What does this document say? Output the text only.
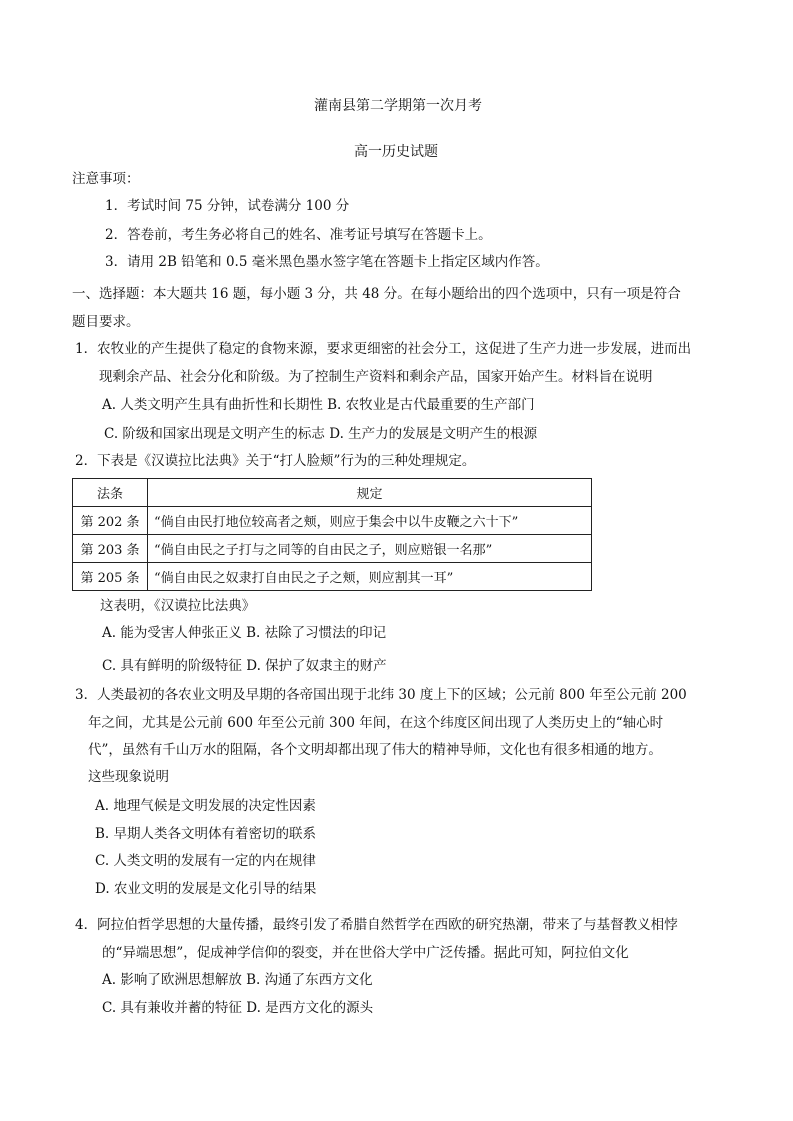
灌南县第二学期第一次月考
高一历史试题
注意事项：
1．考试时间 75 分钟，试卷满分 100 分
2．答卷前，考生务必将自己的姓名、准考证号填写在答题卡上。
3．请用 2B 铅笔和 0.5 毫米黑色墨水签字笔在答题卡上指定区域内作答。
一、选择题：本大题共 16 题，每小题 3 分，共 48 分。在每小题给出的四个选项中，只有一项是符合
题目要求。
1．农牧业的产生提供了稳定的食物来源，要求更细密的社会分工，这促进了生产力进一步发展，进而出
现剩余产品、社会分化和阶级。为了控制生产资料和剩余产品，国家开始产生。材料旨在说明
A. 人类文明产生具有曲折性和长期性 B. 农牧业是古代最重要的生产部门
C. 阶级和国家出现是文明产生的标志 D. 生产力的发展是文明产生的根源
2．下表是《汉谟拉比法典》关于“打人脸颊”行为的三种处理规定。
法条	规定
第 202 条	“倘自由民打地位较高者之颊，则应于集会中以牛皮鞭之六十下”
第 203 条	“倘自由民之子打与之同等的自由民之子，则应赔银一名那”
第 205 条	“倘自由民之奴隶打自由民之子之颊，则应割其一耳”
这表明，《汉谟拉比法典》
A. 能为受害人伸张正义 B. 祛除了习惯法的印记
C. 具有鲜明的阶级特征 D. 保护了奴隶主的财产
3．人类最初的各农业文明及早期的各帝国出现于北纬 30 度上下的区域；公元前 800 年至公元前 200
年之间，尤其是公元前 600 年至公元前 300 年间，在这个纬度区间出现了人类历史上的“轴心时
代”，虽然有千山万水的阻隔，各个文明却都出现了伟大的精神导师，文化也有很多相通的地方。
这些现象说明
A. 地理气候是文明发展的决定性因素
B. 早期人类各文明体有着密切的联系
C. 人类文明的发展有一定的内在规律
D. 农业文明的发展是文化引导的结果
4．阿拉伯哲学思想的大量传播，最终引发了希腊自然哲学在西欧的研究热潮，带来了与基督教义相悖
的“异端思想”，促成神学信仰的裂变，并在世俗大学中广泛传播。据此可知，阿拉伯文化
A. 影响了欧洲思想解放 B. 沟通了东西方文化
C. 具有兼收并蓄的特征 D. 是西方文化的源头
